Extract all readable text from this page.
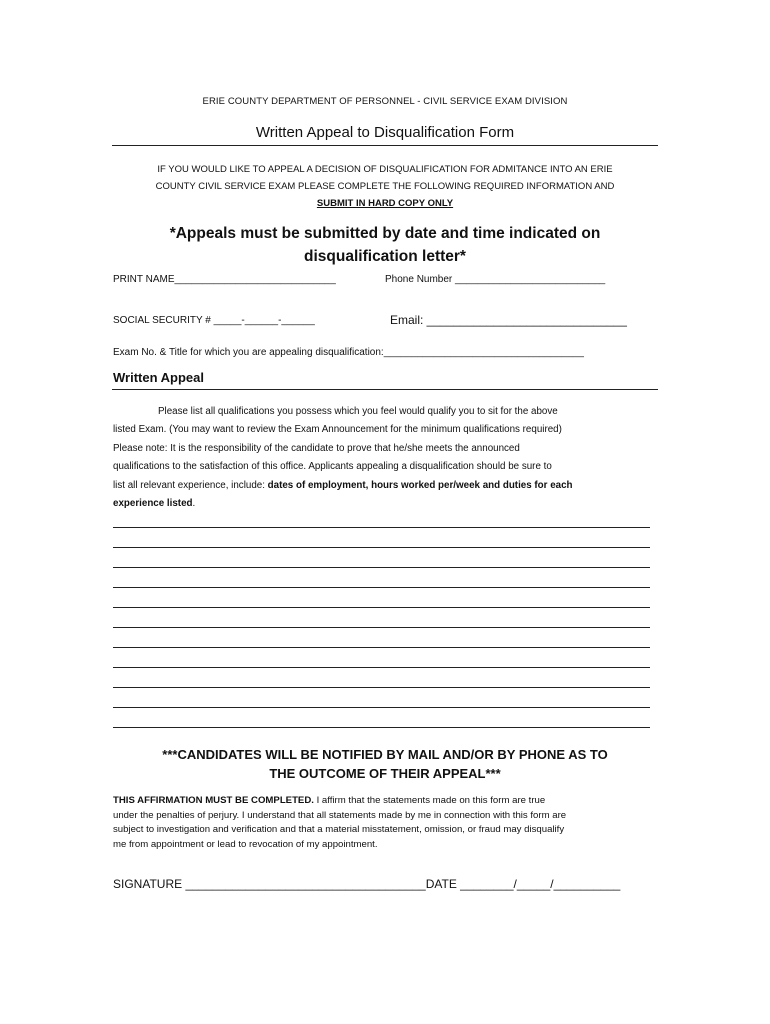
ERIE COUNTY DEPARTMENT OF PERSONNEL - CIVIL SERVICE EXAM DIVISION
Written Appeal to Disqualification Form
IF YOU WOULD LIKE TO APPEAL A DECISION OF DISQUALIFICATION FOR ADMITANCE INTO AN ERIE
COUNTY CIVIL SERVICE EXAM PLEASE COMPLETE THE FOLLOWING REQUIRED INFORMATION AND
SUBMIT IN HARD COPY ONLY
*Appeals must be submitted by date and time indicated on
disqualification letter*
PRINT NAME_____________________________	Phone Number ___________________________
SOCIAL SECURITY # _____-______-______	Email: ______________________________
Exam No. & Title for which you are appealing disqualification:____________________________________
Written Appeal
Please list all qualifications you possess which you feel would qualify you to sit for the above
listed Exam. (You may want to review the Exam Announcement for the minimum qualifications required)
Please note: It is the responsibility of the candidate to prove that he/she meets the announced
qualifications to the satisfaction of this office. Applicants appealing a disqualification should be sure to
list all relevant experience, include: dates of employment, hours worked per/week and duties for each
experience listed.
***CANDIDATES WILL BE NOTIFIED BY MAIL AND/OR BY PHONE AS TO
THE OUTCOME OF THEIR APPEAL***
THIS AFFIRMATION MUST BE COMPLETED. I affirm that the statements made on this form are true
under the penalties of perjury. I understand that all statements made by me in connection with this form are
subject to investigation and verification and that a material misstatement, omission, or fraud may disqualify
me from appointment or lead to revocation of my appointment.
SIGNATURE ____________________________________DATE ________/_____/__________
